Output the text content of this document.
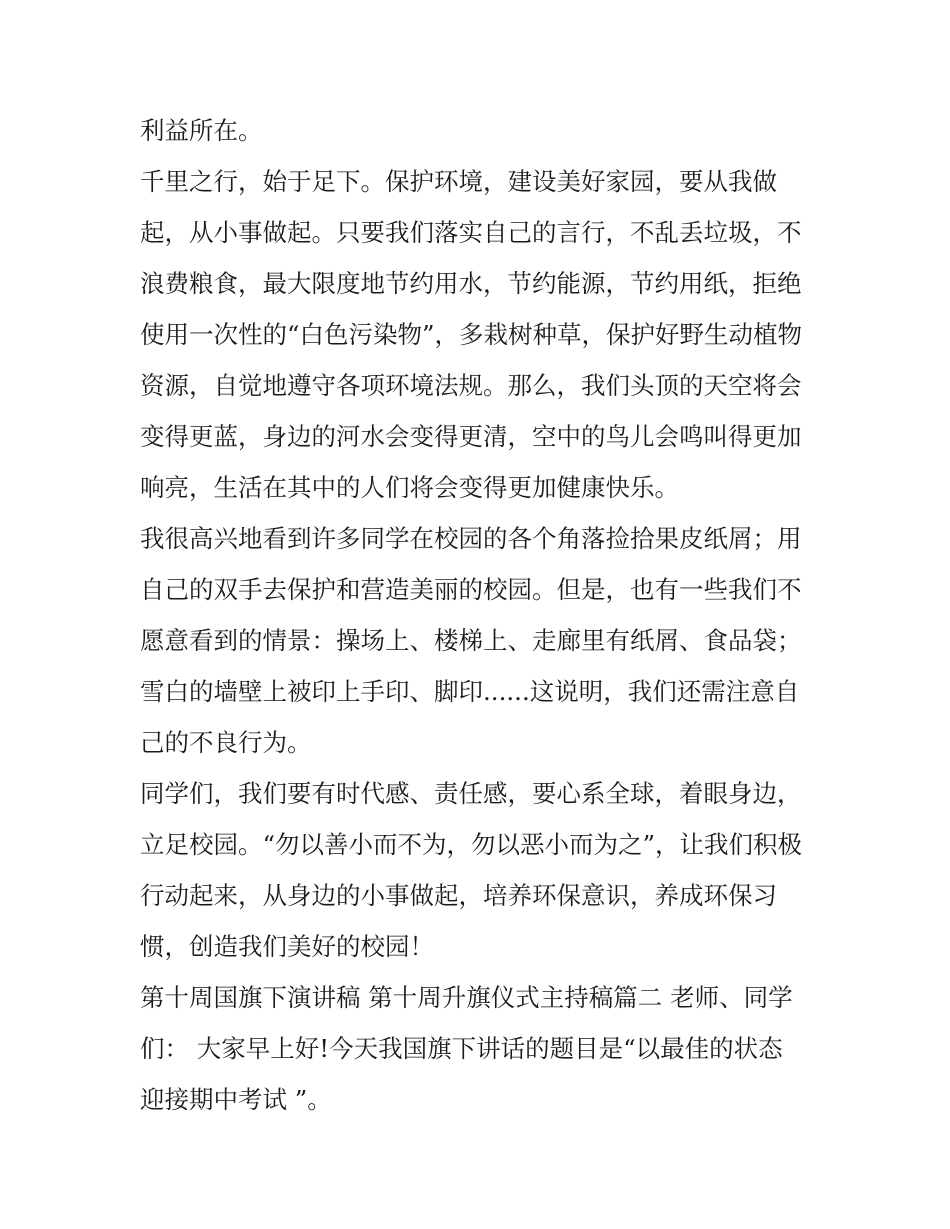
利益所在。
千里之行，始于足下。保护环境，建设美好家园，要从我做
起，从小事做起。只要我们落实自己的言行，不乱丢垃圾，不
浪费粮食，最大限度地节约用水，节约能源，节约用纸，拒绝
使用一次性的“白色污染物”，多栽树种草，保护好野生动植物
资源，自觉地遵守各项环境法规。那么，我们头顶的天空将会
变得更蓝，身边的河水会变得更清，空中的鸟儿会鸣叫得更加
响亮，生活在其中的人们将会变得更加健康快乐。
我很高兴地看到许多同学在校园的各个角落捡拾果皮纸屑；用
自己的双手去保护和营造美丽的校园。但是，也有一些我们不
愿意看到的情景：操场上、楼梯上、走廊里有纸屑、食品袋；
雪白的墙壁上被印上手印、脚印......这说明，我们还需注意自
己的不良行为。
同学们，我们要有时代感、责任感，要心系全球，着眼身边，
立足校园。“勿以善小而不为，勿以恶小而为之”，让我们积极
行动起来，从身边的小事做起，培养环保意识，养成环保习
惯，创造我们美好的校园！
第十周国旗下演讲稿 第十周升旗仪式主持稿篇二 老师、同学
们： 大家早上好!今天我国旗下讲话的题目是“以最佳的状态
迎接期中考试 ”。
